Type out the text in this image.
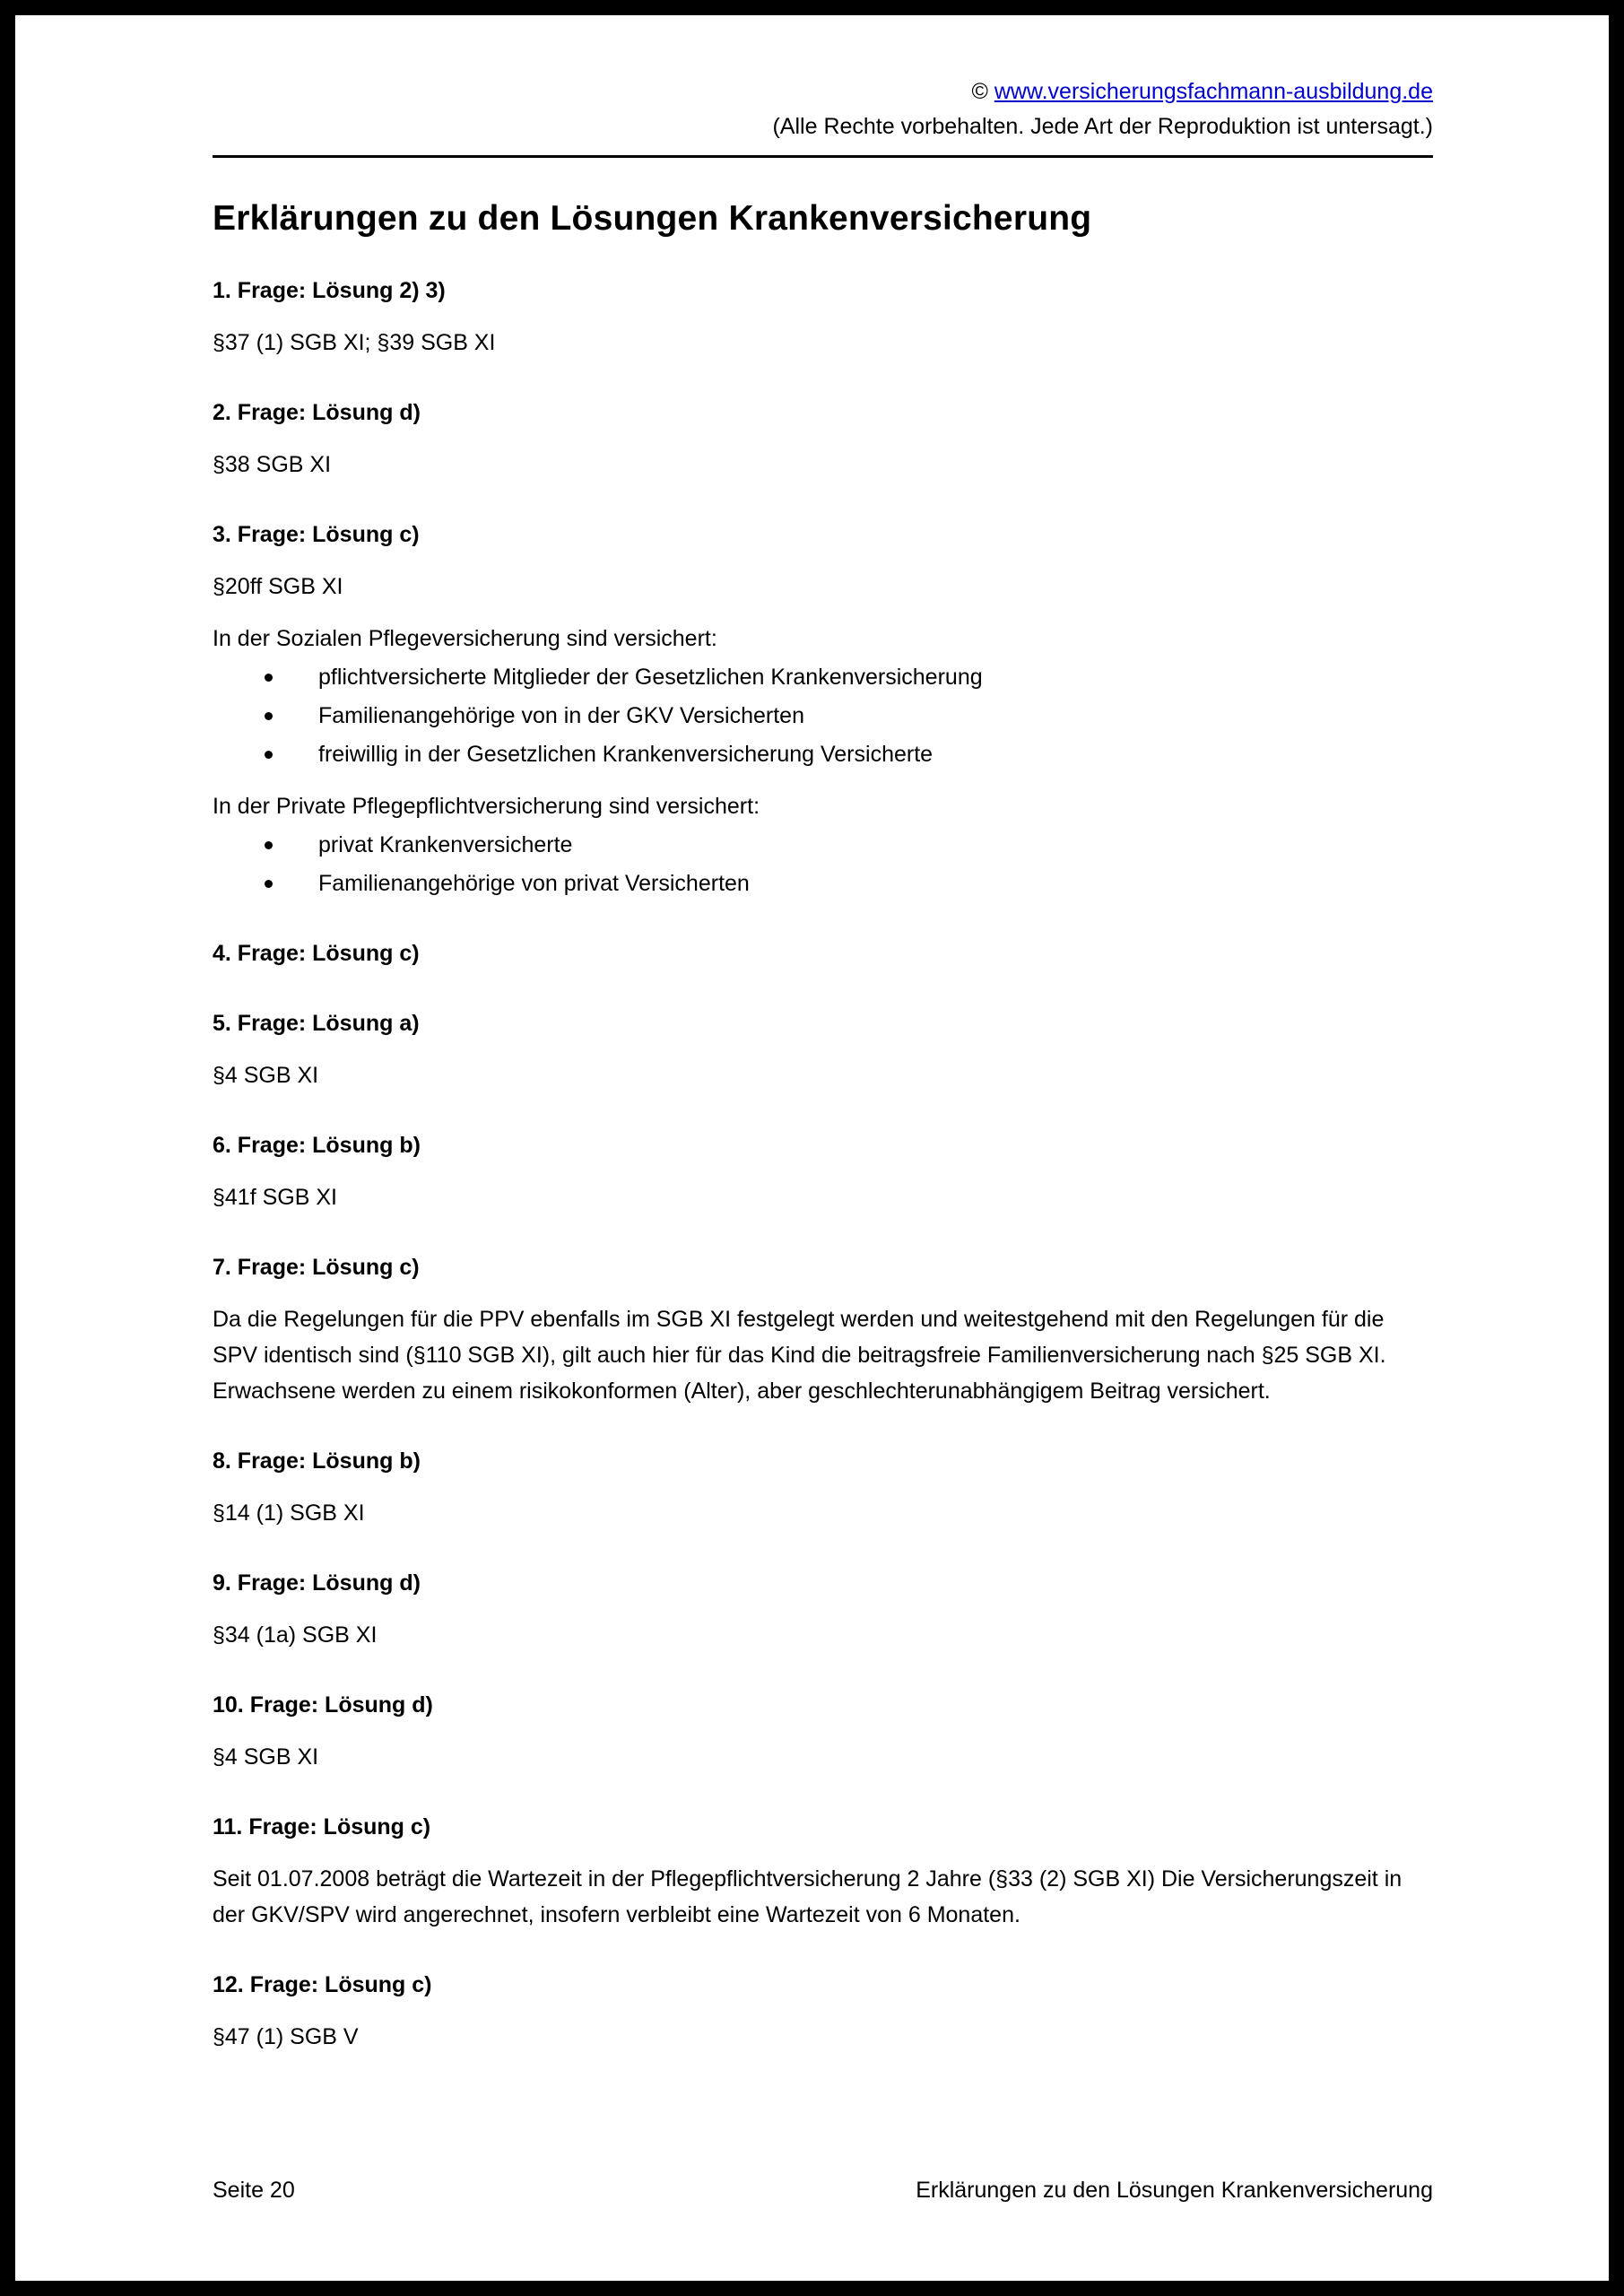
© www.versicherungsfachmann-ausbildung.de
(Alle Rechte vorbehalten. Jede Art der Reproduktion ist untersagt.)
Erklärungen zu den Lösungen Krankenversicherung
1. Frage: Lösung 2) 3)

§37 (1) SGB XI; §39 SGB XI

2. Frage: Lösung d)

§38 SGB XI

3. Frage: Lösung c)

§20ff SGB XI

In der Sozialen Pflegeversicherung sind versichert:

pflichtversicherte Mitglieder der Gesetzlichen Krankenversicherung
Familienangehörige von in der GKV Versicherten
freiwillig in der Gesetzlichen Krankenversicherung Versicherte

In der Private Pflegepflichtversicherung sind versichert:

privat Krankenversicherte
Familienangehörige von privat Versicherten
4. Frage: Lösung c)
5. Frage: Lösung a)

§4 SGB XI

6. Frage: Lösung b)

§41f SGB XI

7. Frage: Lösung c)

Da die Regelungen für die PPV ebenfalls im SGB XI festgelegt werden und weitestgehend mit den Regelungen für die SPV identisch sind (§110 SGB XI), gilt auch hier für das Kind die beitragsfreie Familienversicherung nach §25 SGB XI. Erwachsene werden zu einem risikokonformen (Alter), aber geschlechterunabhängigem Beitrag versichert.

8. Frage: Lösung b)

§14 (1) SGB XI

9. Frage: Lösung d)

§34 (1a) SGB XI

10. Frage: Lösung d)

§4 SGB XI

11. Frage: Lösung c)

Seit 01.07.2008 beträgt die Wartezeit in der Pflegepflichtversicherung 2 Jahre (§33 (2) SGB XI) Die Versicherungszeit in der GKV/SPV wird angerechnet, insofern verbleibt eine Wartezeit von 6 Monaten.

12. Frage: Lösung c)

§47 (1) SGB V

Seite 20	Erklärungen zu den Lösungen Krankenversicherung
